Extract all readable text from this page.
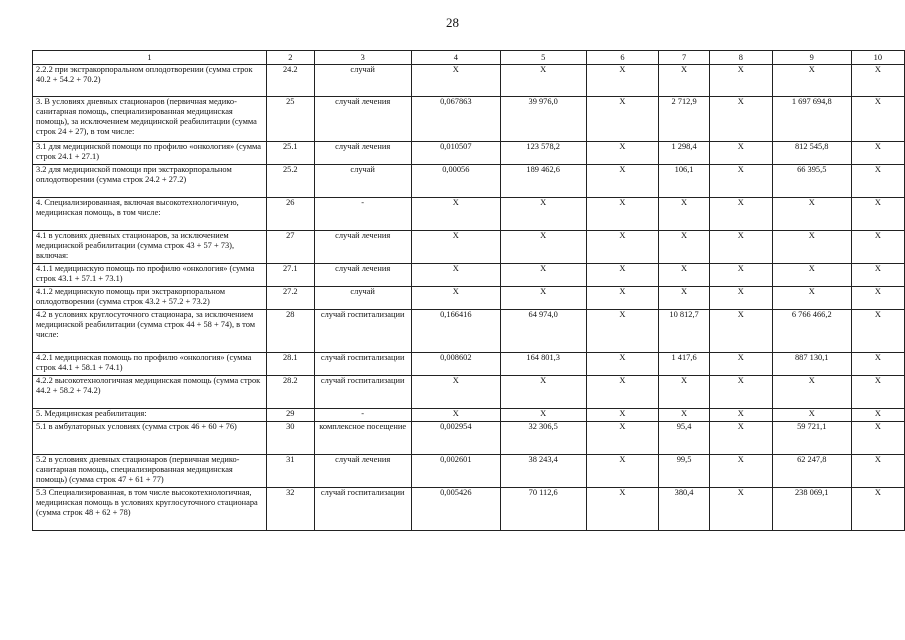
28
1	2	3	4	5	6	7	8	9	10
2.2.2 при экстракорпоральном оплодотворении (сумма строк 40.2 + 54.2 + 70.2)	24.2	случай	X	X	X	X	X	X	X
3. В условиях дневных стационаров (первичная медико-санитарная помощь, специализированная медицинская помощь), за исключением медицинской реабилитации (сумма строк 24 + 27), в том числе:	25	случай лечения	0,067863	39 976,0	X	2 712,9	X	1 697 694,8	X
3.1 для медицинской помощи по профилю «онкология» (сумма строк 24.1 + 27.1)	25.1	случай лечения	0,010507	123 578,2	X	1 298,4	X	812 545,8	X
3.2 для медицинской помощи при экстракорпоральном оплодотворении (сумма строк 24.2 + 27.2)	25.2	случай	0,00056	189 462,6	X	106,1	X	66 395,5	X
4. Специализированная, включая высокотехнологичную, медицинская помощь, в том числе:	26	-	X	X	X	X	X	X	X
4.1 в условиях дневных стационаров, за исключением медицинской реабилитации (сумма строк 43 + 57 + 73), включая:	27	случай лечения	X	X	X	X	X	X	X
4.1.1 медицинскую помощь по профилю «онкология» (сумма строк 43.1 + 57.1 + 73.1)	27.1	случай лечения	X	X	X	X	X	X	X
4.1.2 медицинскую помощь при экстракорпоральном оплодотворении (сумма строк 43.2 + 57.2 + 73.2)	27.2	случай	X	X	X	X	X	X	X
4.2 в условиях круглосуточного стационара, за исключением медицинской реабилитации (сумма строк 44 + 58 + 74), в том числе:	28	случай госпитализации	0,166416	64 974,0	X	10 812,7	X	6 766 466,2	X
4.2.1 медицинская помощь по профилю «онкология» (сумма строк 44.1 + 58.1 + 74.1)	28.1	случай госпитализации	0,008602	164 801,3	X	1 417,6	X	887 130,1	X
4.2.2 высокотехнологичная медицинская помощь (сумма строк 44.2 + 58.2 + 74.2)	28.2	случай госпитализации	X	X	X	X	X	X	X
5. Медицинская реабилитация:	29	-	X	X	X	X	X	X	X
5.1 в амбулаторных условиях (сумма строк 46 + 60 + 76)	30	комплексное посещение	0,002954	32 306,5	X	95,4	X	59 721,1	X
5.2 в условиях дневных стационаров (первичная медико-санитарная помощь, специализированная медицинская помощь) (сумма строк 47 + 61 + 77)	31	случай лечения	0,002601	38 243,4	X	99,5	X	62 247,8	X
5.3 Специализированная, в том числе высокотехнологичная, медицинская помощь в условиях круглосуточного стационара (сумма строк 48 + 62 + 78)	32	случай госпитализации	0,005426	70 112,6	X	380,4	X	238 069,1	X
